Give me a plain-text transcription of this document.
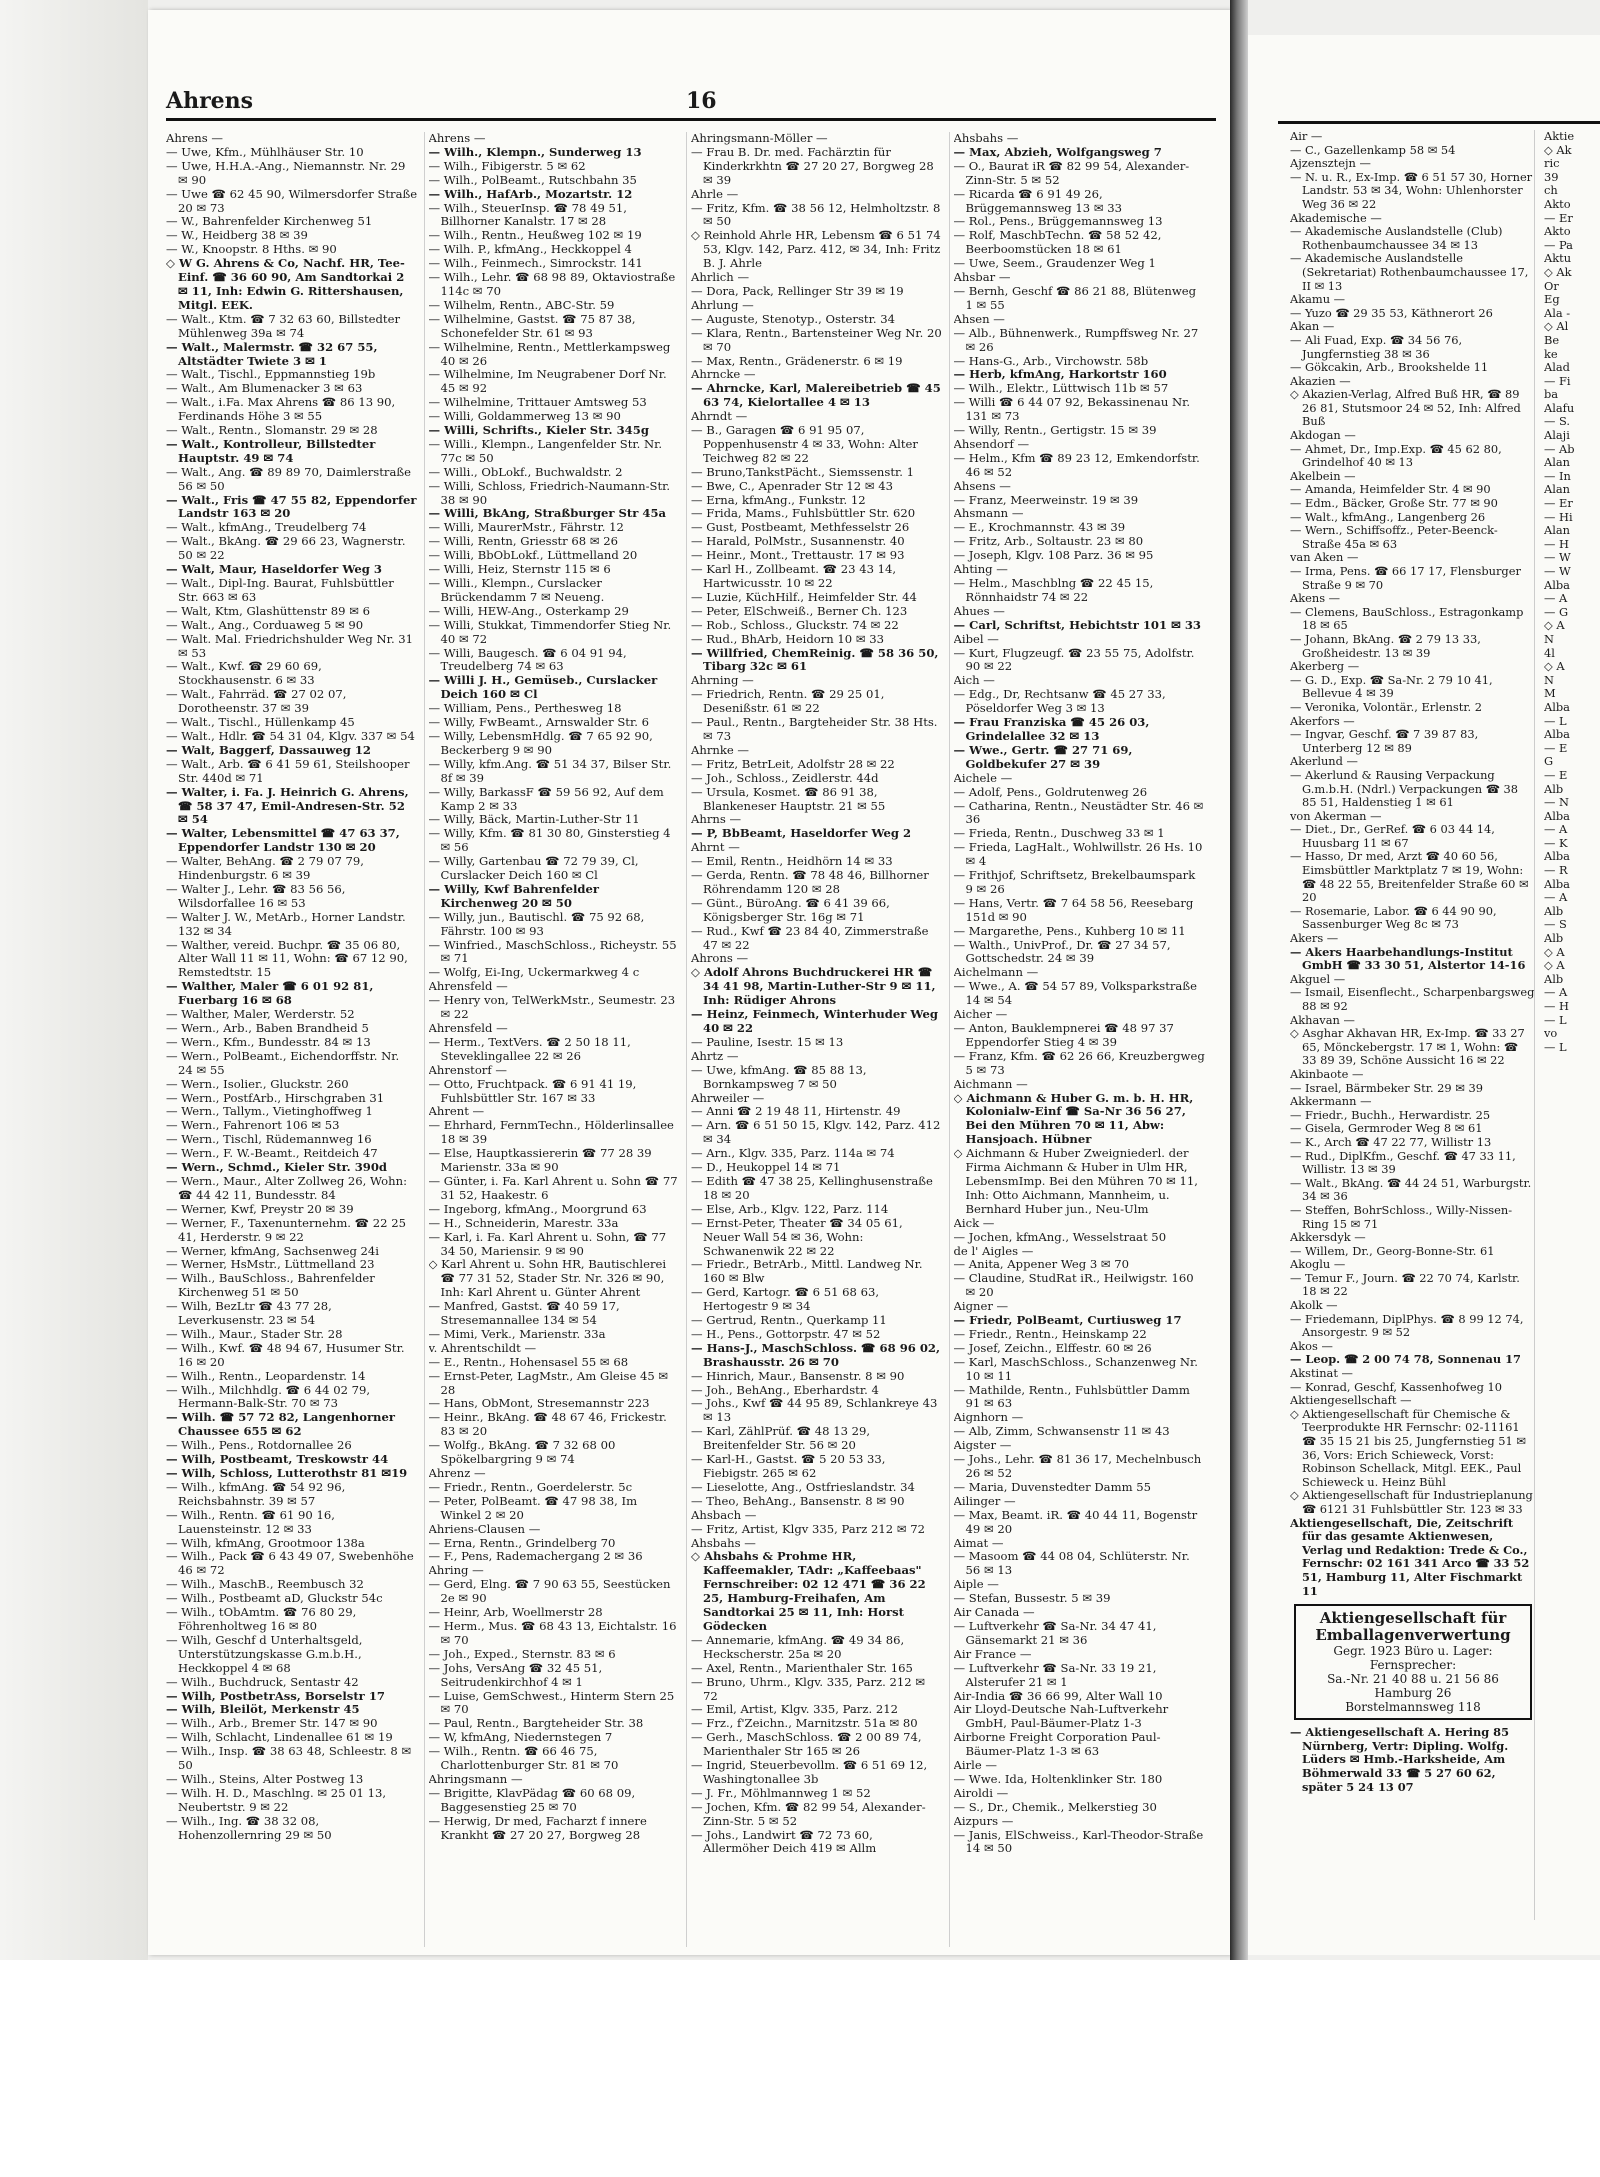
Ahrens	16

Ahrens —

— Uwe, Kfm., Mühlhäuser Str. 10

— Uwe, H.H.A.-Ang., Niemannstr. Nr. 29 ✉ 90

— Uwe ☎ 62 45 90, Wilmersdorfer Straße 20 ✉ 73

— W., Bahrenfelder Kirchenweg 51

— W., Heidberg 38 ✉ 39

— W., Knoopstr. 8 Hths. ✉ 90

◇ W G. Ahrens & Co, Nachf. HR, Tee-Einf. ☎ 36 60 90, Am Sandtorkai 2 ✉ 11, Inh: Edwin G. Rittershausen, Mitgl. EEK.

— Walt., Ktm. ☎ 7 32 63 60, Billstedter Mühlenweg 39a ✉ 74

— Walt., Malermstr. ☎ 32 67 55, Altstädter Twiete 3 ✉ 1

— Walt., Tischl., Eppmannstieg 19b

— Walt., Am Blumenacker 3 ✉ 63

— Walt., i.Fa. Max Ahrens ☎ 86 13 90, Ferdinands Höhe 3 ✉ 55

— Walt., Rentn., Slomanstr. 29 ✉ 28

— Walt., Kontrolleur, Billstedter Hauptstr. 49 ✉ 74

— Walt., Ang. ☎ 89 89 70, Daimlerstraße 56 ✉ 50

— Walt., Fris ☎ 47 55 82, Eppendorfer Landstr 163 ✉ 20

— Walt., kfmAng., Treudelberg 74

— Walt., BkAng. ☎ 29 66 23, Wagnerstr. 50 ✉ 22

— Walt, Maur, Haseldorfer Weg 3

— Walt., Dipl-Ing. Baurat, Fuhlsbüttler Str. 663 ✉ 63

— Walt, Ktm, Glashüttenstr 89 ✉ 6

— Walt., Ang., Corduaweg 5 ✉ 90

— Walt. Mal. Friedrichshulder Weg Nr. 31 ✉ 53

— Walt., Kwf. ☎ 29 60 69, Stockhausenstr. 6 ✉ 33

— Walt., Fahrräd. ☎ 27 02 07, Dorotheenstr. 37 ✉ 39

— Walt., Tischl., Hüllenkamp 45

— Walt., Hdlr. ☎ 54 31 04, Klgv. 337 ✉ 54

— Walt, Baggerf, Dassauweg 12

— Walt., Arb. ☎ 6 41 59 61, Steilshooper Str. 440d ✉ 71

— Walter, i. Fa. J. Heinrich G. Ahrens, ☎ 58 37 47, Emil-Andresen-Str. 52 ✉ 54

— Walter, Lebensmittel ☎ 47 63 37, Eppendorfer Landstr 130 ✉ 20

— Walter, BehAng. ☎ 2 79 07 79, Hindenburgstr. 6 ✉ 39

— Walter J., Lehr. ☎ 83 56 56, Wilsdorfallee 16 ✉ 53

— Walter J. W., MetArb., Horner Landstr. 132 ✉ 34

— Walther, vereid. Buchpr. ☎ 35 06 80, Alter Wall 11 ✉ 11, Wohn: ☎ 67 12 90, Remstedtstr. 15

— Walther, Maler ☎ 6 01 92 81, Fuerbarg 16 ✉ 68

— Walther, Maler, Werderstr. 52

— Wern., Arb., Baben Brandheid 5

— Wern., Kfm., Bundesstr. 84 ✉ 13

— Wern., PolBeamt., Eichendorffstr. Nr. 24 ✉ 55

— Wern., Isolier., Gluckstr. 260

— Wern., PostfArb., Hirschgraben 31

— Wern., Tallym., Vietinghoffweg 1

— Wern., Fahrenort 106 ✉ 53

— Wern., Tischl, Rüdemannweg 16

— Wern., F. W.-Beamt., Reitdeich 47

— Wern., Schmd., Kieler Str. 390d

— Wern., Maur., Alter Zollweg 26, Wohn: ☎ 44 42 11, Bundesstr. 84

— Werner, Kwf, Preystr 20 ✉ 39

— Werner, F., Taxenunternehm. ☎ 22 25 41, Herderstr. 9 ✉ 22

— Werner, kfmAng, Sachsenweg 24i

— Werner, HsMstr., Lüttmelland 23

— Wilh., BauSchloss., Bahrenfelder Kirchenweg 51 ✉ 50

— Wilh, BezLtr ☎ 43 77 28, Leverkusenstr. 23 ✉ 54

— Wilh., Maur., Stader Str. 28

— Wilh., Kwf. ☎ 48 94 67, Husumer Str. 16 ✉ 20

— Wilh., Rentn., Leopardenstr. 14

— Wilh., Milchhdlg. ☎ 6 44 02 79, Hermann-Balk-Str. 70 ✉ 73

— Wilh. ☎ 57 72 82, Langenhorner Chaussee 655 ✉ 62

— Wilh., Pens., Rotdornallee 26

— Wilh, Postbeamt, Treskowstr 44

— Wilh, Schloss, Lutterothstr 81 ✉19

— Wilh., kfmAng. ☎ 54 92 96, Reichsbahnstr. 39 ✉ 57

— Wilh., Rentn. ☎ 61 90 16, Lauensteinstr. 12 ✉ 33

— Wilh, kfmAng, Grootmoor 138a

— Wilh., Pack ☎ 6 43 49 07, Swebenhöhe 46 ✉ 72

— Wilh., MaschB., Reembusch 32

— Wilh., Postbeamt aD, Gluckstr 54c

— Wilh., tObAmtm. ☎ 76 80 29, Föhrenholtweg 16 ✉ 80

— Wilh, Geschf d Unterhaltsgeld, Unterstützungskasse G.m.b.H., Heckkoppel 4 ✉ 68

— Wilh., Buchdruck, Sentastr 42

— Wilh, PostbetrAss, Borselstr 17

— Wilh, Bleilöt, Merkenstr 45

— Wilh., Arb., Bremer Str. 147 ✉ 90

— Wilh, Schlacht, Lindenallee 61 ✉ 19

— Wilh., Insp. ☎ 38 63 48, Schleestr. 8 ✉ 50

— Wilh., Steins, Alter Postweg 13

— Wilh. H. D., Maschlng. ✉ 25 01 13, Neubertstr. 9 ✉ 22

— Wilh., Ing. ☎ 38 32 08, Hohenzollernring 29 ✉ 50

Ahrens —

— Wilh., Klempn., Sunderweg 13

— Wilh., Fibigerstr. 5 ✉ 62

— Wilh., PolBeamt., Rutschbahn 35

— Wilh., HafArb., Mozartstr. 12

— Wilh., SteuerInsp. ☎ 78 49 51, Billhorner Kanalstr. 17 ✉ 28

— Wilh., Rentn., Heußweg 102 ✉ 19

— Wilh. P., kfmAng., Heckkoppel 4

— Wilh., Feinmech., Simrockstr. 141

— Wilh., Lehr. ☎ 68 98 89, Oktaviostraße 114c ✉ 70

— Wilhelm, Rentn., ABC-Str. 59

— Wilhelmine, Gastst. ☎ 75 87 38, Schonefelder Str. 61 ✉ 93

— Wilhelmine, Rentn., Mettlerkampsweg 40 ✉ 26

— Wilhelmine, Im Neugrabener Dorf Nr. 45 ✉ 92

— Wilhelmine, Trittauer Amtsweg 53

— Willi, Goldammerweg 13 ✉ 90

— Willi, Schrifts., Kieler Str. 345g

— Willi., Klempn., Langenfelder Str. Nr. 77c ✉ 50

— Willi., ObLokf., Buchwaldstr. 2

— Willi, Schloss, Friedrich-Naumann-Str. 38 ✉ 90

— Willi, BkAng, Straßburger Str 45a

— Willi, MaurerMstr., Fährstr. 12

— Willi, Rentn, Griesstr 68 ✉ 26

— Willi, BbObLokf., Lüttmelland 20

— Willi, Heiz, Sternstr 115 ✉ 6

— Willi., Klempn., Curslacker Brückendamm 7 ✉ Neueng.

— Willi, HEW-Ang., Osterkamp 29

— Willi, Stukkat, Timmendorfer Stieg Nr. 40 ✉ 72

— Willi, Baugesch. ☎ 6 04 91 94, Treudelberg 74 ✉ 63

— Willi J. H., Gemüseb., Curslacker Deich 160 ✉ Cl

— William, Pens., Perthesweg 18

— Willy, FwBeamt., Arnswalder Str. 6

— Willy, LebensmHdlg. ☎ 7 65 92 90, Beckerberg 9 ✉ 90

— Willy, kfm.Ang. ☎ 51 34 37, Bilser Str. 8f ✉ 39

— Willy, BarkassF ☎ 59 56 92, Auf dem Kamp 2 ✉ 33

— Willy, Bäck, Martin-Luther-Str 11

— Willy, Kfm. ☎ 81 30 80, Ginsterstieg 4 ✉ 56

— Willy, Gartenbau ☎ 72 79 39, Cl, Curslacker Deich 160 ✉ Cl

— Willy, Kwf Bahrenfelder Kirchenweg 20 ✉ 50

— Willy, jun., Bautischl. ☎ 75 92 68, Fährstr. 100 ✉ 93

— Winfried., MaschSchloss., Richeystr. 55 ✉ 71

— Wolfg, Ei-Ing, Uckermarkweg 4 c

Ahrensfeld —

— Henry von, TelWerkMstr., Seumestr. 23 ✉ 22

Ahrensfeld —

— Herm., TextVers. ☎ 2 50 18 11, Steveklingallee 22 ✉ 26

Ahrenstorf —

— Otto, Fruchtpack. ☎ 6 91 41 19, Fuhlsbüttler Str. 167 ✉ 33

Ahrent —

— Ehrhard, FernmTechn., Hölderlinsallee 18 ✉ 39

— Else, Hauptkassiererin ☎ 77 28 39 Marienstr. 33a ✉ 90

— Günter, i. Fa. Karl Ahrent u. Sohn ☎ 77 31 52, Haakestr. 6

— Ingeborg, kfmAng., Moorgrund 63

— H., Schneiderin, Marestr. 33a

— Karl, i. Fa. Karl Ahrent u. Sohn, ☎ 77 34 50, Mariensir. 9 ✉ 90

◇ Karl Ahrent u. Sohn HR, Bautischlerei ☎ 77 31 52, Stader Str. Nr. 326 ✉ 90, Inh: Karl Ahrent u. Günter Ahrent

— Manfred, Gastst. ☎ 40 59 17, Stresemannallee 134 ✉ 54

— Mimi, Verk., Marienstr. 33a

v. Ahrentschildt —

— E., Rentn., Hohensasel 55 ✉ 68

— Ernst-Peter, LagMstr., Am Gleise 45 ✉ 28

— Hans, ObMont, Stresemannstr 223

— Heinr., BkAng. ☎ 48 67 46, Frickestr. 83 ✉ 20

— Wolfg., BkAng. ☎ 7 32 68 00 Spökelbargring 9 ✉ 74

Ahrenz —

— Friedr., Rentn., Goerdelerstr. 5c

— Peter, PolBeamt. ☎ 47 98 38, Im Winkel 2 ✉ 20

Ahriens-Clausen —

— Erna, Rentn., Grindelberg 70

— F., Pens, Rademachergang 2 ✉ 36

Ahring —

— Gerd, Elng. ☎ 7 90 63 55, Seestücken 2e ✉ 90

— Heinr, Arb, Woellmerstr 28

— Herm., Mus. ☎ 68 43 13, Eichtalstr. 16 ✉ 70

— Joh., Exped., Sternstr. 83 ✉ 6

— Johs, VersAng ☎ 32 45 51, Seitrudenkirchhof 4 ✉ 1

— Luise, GemSchwest., Hinterm Stern 25 ✉ 70

— Paul, Rentn., Bargteheider Str. 38

— W, kfmAng, Niedernstegen 7

— Wilh., Rentn. ☎ 66 46 75, Charlottenburger Str. 81 ✉ 70

Ahringsmann —

— Brigitte, KlavPädag ☎ 60 68 09, Baggesenstieg 25 ✉ 70

— Herwig, Dr med, Facharzt f innere Krankht ☎ 27 20 27, Borgweg 28

Ahringsmann-Möller —

— Frau B. Dr. med. Fachärztin für Kinderkrkhtn ☎ 27 20 27, Borgweg 28 ✉ 39

Ahrle —

— Fritz, Kfm. ☎ 38 56 12, Helmholtzstr. 8 ✉ 50

◇ Reinhold Ahrle HR, Lebensm ☎ 6 51 74 53, Klgv. 142, Parz. 412, ✉ 34, Inh: Fritz B. J. Ahrle

Ahrlich —

— Dora, Pack, Rellinger Str 39 ✉ 19

Ahrlung —

— Auguste, Stenotyp., Osterstr. 34

— Klara, Rentn., Bartensteiner Weg Nr. 20 ✉ 70

— Max, Rentn., Grädenerstr. 6 ✉ 19

Ahrncke —

— Ahrncke, Karl, Malereibetrieb ☎ 45 63 74, Kielortallee 4 ✉ 13

Ahrndt —

— B., Garagen ☎ 6 91 95 07, Poppenhusenstr 4 ✉ 33, Wohn: Alter Teichweg 82 ✉ 22

— Bruno,TankstPächt., Siemssenstr. 1

— Bwe, C., Apenrader Str 12 ✉ 43

— Erna, kfmAng., Funkstr. 12

— Frida, Mams., Fuhlsbüttler Str. 620

— Gust, Postbeamt, Methfesselstr 26

— Harald, PolMstr., Susannenstr. 40

— Heinr., Mont., Trettaustr. 17 ✉ 93

— Karl H., Zollbeamt. ☎ 23 43 14, Hartwicusstr. 10 ✉ 22

— Luzie, KüchHilf., Heimfelder Str. 44

— Peter, ElSchweiß., Berner Ch. 123

— Rob., Schloss., Gluckstr. 74 ✉ 22

— Rud., BhArb, Heidorn 10 ✉ 33

— Willfried, ChemReinig. ☎ 58 36 50, Tibarg 32c ✉ 61

Ahrning —

— Friedrich, Rentn. ☎ 29 25 01, Desenißstr. 61 ✉ 22

— Paul., Rentn., Bargteheider Str. 38 Hts. ✉ 73

Ahrnke —

— Fritz, BetrLeit, Adolfstr 28 ✉ 22

— Joh., Schloss., Zeidlerstr. 44d

— Ursula, Kosmet. ☎ 86 91 38, Blankeneser Hauptstr. 21 ✉ 55

Ahrns —

— P, BbBeamt, Haseldorfer Weg 2

Ahrnt —

— Emil, Rentn., Heidhörn 14 ✉ 33

— Gerda, Rentn. ☎ 78 48 46, Billhorner Röhrendamm 120 ✉ 28

— Günt., BüroAng. ☎ 6 41 39 66, Königsberger Str. 16g ✉ 71

— Rud., Kwf ☎ 23 84 40, Zimmerstraße 47 ✉ 22

Ahrons —

◇ Adolf Ahrons Buchdruckerei HR ☎ 34 41 98, Martin-Luther-Str 9 ✉ 11, Inh: Rüdiger Ahrons

— Heinz, Feinmech, Winterhuder Weg 40 ✉ 22

— Pauline, Isestr. 15 ✉ 13

Ahrtz —

— Uwe, kfmAng. ☎ 85 88 13, Bornkampsweg 7 ✉ 50

Ahrweiler —

— Anni ☎ 2 19 48 11, Hirtenstr. 49

— Arn. ☎ 6 51 50 15, Klgv. 142, Parz. 412 ✉ 34

— Arn., Klgv. 335, Parz. 114a ✉ 74

— D., Heukoppel 14 ✉ 71

— Edith ☎ 47 38 25, Kellinghusenstraße 18 ✉ 20

— Else, Arb., Klgv. 122, Parz. 114

— Ernst-Peter, Theater ☎ 34 05 61, Neuer Wall 54 ✉ 36, Wohn: Schwanenwik 22 ✉ 22

— Friedr., BetrArb., Mittl. Landweg Nr. 160 ✉ Blw

— Gerd, Kartogr. ☎ 6 51 68 63, Hertogestr 9 ✉ 34

— Gertrud, Rentn., Querkamp 11

— H., Pens., Gottorpstr. 47 ✉ 52

— Hans-J., MaschSchloss. ☎ 68 96 02, Brashausstr. 26 ✉ 70

— Hinrich, Maur., Bansenstr. 8 ✉ 90

— Joh., BehAng., Eberhardstr. 4

— Johs., Kwf ☎ 44 95 89, Schlankreye 43 ✉ 13

— Karl, ZählPrüf. ☎ 48 13 29, Breitenfelder Str. 56 ✉ 20

— Karl-H., Gastst. ☎ 5 20 53 33, Fiebigstr. 265 ✉ 62

— Lieselotte, Ang., Ostfrieslandstr. 34

— Theo, BehAng., Bansenstr. 8 ✉ 90

Ahsbach —

— Fritz, Artist, Klgv 335, Parz 212 ✉ 72

Ahsbahs —

◇ Ahsbahs & Prohme HR, Kaffeemakler, TAdr: „Kaffeebaas" Fernschreiber: 02 12 471 ☎ 36 22 25, Hamburg-Freihafen, Am Sandtorkai 25 ✉ 11, Inh: Horst Gödecken

— Annemarie, kfmAng. ☎ 49 34 86, Heckscherstr. 25a ✉ 20

— Axel, Rentn., Marienthaler Str. 165

— Bruno, Uhrm., Klgv. 335, Parz. 212 ✉ 72

— Emil, Artist, Klgv. 335, Parz. 212

— Frz., f'Zeichn., Marnitzstr. 51a ✉ 80

— Gerh., MaschSchloss. ☎ 2 00 89 74, Marienthaler Str 165 ✉ 26

— Ingrid, Steuerbevollm. ☎ 6 51 69 12, Washingtonallee 3b

— J. Fr., Möhlmannweg 1 ✉ 52

— Jochen, Kfm. ☎ 82 99 54, Alexander-Zinn-Str. 5 ✉ 52

— Johs., Landwirt ☎ 72 73 60, Allermöher Deich 419 ✉ Allm

Ahsbahs —

— Max, Abzieh, Wolfgangsweg 7

— O., Baurat iR ☎ 82 99 54, Alexander-Zinn-Str. 5 ✉ 52

— Ricarda ☎ 6 91 49 26, Brüggemannsweg 13 ✉ 33

— Rol., Pens., Brüggemannsweg 13

— Rolf, MaschbTechn. ☎ 58 52 42, Beerboomstücken 18 ✉ 61

— Uwe, Seem., Graudenzer Weg 1

Ahsbar —

— Bernh, Geschf ☎ 86 21 88, Blütenweg 1 ✉ 55

Ahsen —

— Alb., Bühnenwerk., Rumpffsweg Nr. 27 ✉ 26

— Hans-G., Arb., Virchowstr. 58b

— Herb, kfmAng, Harkortstr 160

— Wilh., Elektr., Lüttwisch 11b ✉ 57

— Willi ☎ 6 44 07 92, Bekassinenau Nr. 131 ✉ 73

— Willy, Rentn., Gertigstr. 15 ✉ 39

Ahsendorf —

— Helm., Kfm ☎ 89 23 12, Emkendorfstr. 46 ✉ 52

Ahsens —

— Franz, Meerweinstr. 19 ✉ 39

Ahsmann —

— E., Krochmannstr. 43 ✉ 39

— Fritz, Arb., Soltaustr. 23 ✉ 80

— Joseph, Klgv. 108 Parz. 36 ✉ 95

Ahting —

— Helm., Maschblng ☎ 22 45 15, Rönnhaidstr 74 ✉ 22

Ahues —

— Carl, Schriftst, Hebichtstr 101 ✉ 33

Aibel —

— Kurt, Flugzeugf. ☎ 23 55 75, Adolfstr. 90 ✉ 22

Aich —

— Edg., Dr, Rechtsanw ☎ 45 27 33, Pöseldorfer Weg 3 ✉ 13

— Frau Franziska ☎ 45 26 03, Grindelallee 32 ✉ 13

— Wwe., Gertr. ☎ 27 71 69, Goldbekufer 27 ✉ 39

Aichele —

— Adolf, Pens., Goldrutenweg 26

— Catharina, Rentn., Neustädter Str. 46 ✉ 36

— Frieda, Rentn., Duschweg 33 ✉ 1

— Frieda, LagHalt., Wohlwillstr. 26 Hs. 10 ✉ 4

— Frithjof, Schriftsetz, Brekelbaumspark 9 ✉ 26

— Hans, Vertr. ☎ 7 64 58 56, Reesebarg 151d ✉ 90

— Margarethe, Pens., Kuhberg 10 ✉ 11

— Walth., UnivProf., Dr. ☎ 27 34 57, Gottschedstr. 24 ✉ 39

Aichelmann —

— Wwe., A. ☎ 54 57 89, Volksparkstraße 14 ✉ 54

Aicher —

— Anton, Bauklempnerei ☎ 48 97 37 Eppendorfer Stieg 4 ✉ 39

— Franz, Kfm. ☎ 62 26 66, Kreuzbergweg 5 ✉ 73

Aichmann —

◇ Aichmann & Huber G. m. b. H. HR, Kolonialw-Einf ☎ Sa-Nr 36 56 27, Bei den Mühren 70 ✉ 11, Abw: Hansjoach. Hübner

◇ Aichmann & Huber Zweigniederl. der Firma Aichmann & Huber in Ulm HR, LebensmImp. Bei den Mühren 70 ✉ 11, Inh: Otto Aichmann, Mannheim, u. Bernhard Huber jun., Neu-Ulm

Aick —

— Jochen, kfmAng., Wesselstraat 50

de l' Aigles —

— Anita, Appener Weg 3 ✉ 70

— Claudine, StudRat iR., Heilwigstr. 160 ✉ 20

Aigner —

— Friedr, PolBeamt, Curtiusweg 17

— Friedr., Rentn., Heinskamp 22

— Josef, Zeichn., Elffestr. 60 ✉ 26

— Karl, MaschSchloss., Schanzenweg Nr. 10 ✉ 11

— Mathilde, Rentn., Fuhlsbüttler Damm 91 ✉ 63

Aignhorn —

— Alb, Zimm, Schwansenstr 11 ✉ 43

Aigster —

— Johs., Lehr. ☎ 81 36 17, Mechelnbusch 26 ✉ 52

— Maria, Duvenstedter Damm 55

Ailinger —

— Max, Beamt. iR. ☎ 40 44 11, Bogenstr 49 ✉ 20

Aimat —

— Masoom ☎ 44 08 04, Schlüterstr. Nr. 56 ✉ 13

Aiple —

— Stefan, Bussestr. 5 ✉ 39

Air Canada —

— Luftverkehr ☎ Sa-Nr. 34 47 41, Gänsemarkt 21 ✉ 36

Air France —

— Luftverkehr ☎ Sa-Nr. 33 19 21, Alsterufer 21 ✉ 1

Air-India ☎ 36 66 99, Alter Wall 10

Air Lloyd-Deutsche Nah-Luftverkehr GmbH, Paul-Bäumer-Platz 1-3

Airborne Freight Corporation Paul-Bäumer-Platz 1-3 ✉ 63

Airle —

— Wwe. Ida, Holtenklinker Str. 180

Airoldi —

— S., Dr., Chemik., Melkerstieg 30

Aizpurs —

— Janis, ElSchweiss., Karl-Theodor-Straße 14 ✉ 50

Air —

— C., Gazellenkamp 58 ✉ 54

Ajzensztejn —

— N. u. R., Ex-Imp. ☎ 6 51 57 30, Horner Landstr. 53 ✉ 34, Wohn: Uhlenhorster Weg 36 ✉ 22

Akademische —

— Akademische Auslandstelle (Club) Rothenbaumchaussee 34 ✉ 13

— Akademische Auslandstelle (Sekretariat) Rothenbaumchaussee 17, II ✉ 13

Akamu —

— Yuzo ☎ 29 35 53, Käthnerort 26

Akan —

— Ali Fuad, Exp. ☎ 34 56 76, Jungfernstieg 38 ✉ 36

— Gökcakin, Arb., Brookshelde 11

Akazien —

◇ Akazien-Verlag, Alfred Buß HR, ☎ 89 26 81, Stutsmoor 24 ✉ 52, Inh: Alfred Buß

Akdogan —

— Ahmet, Dr., Imp.Exp. ☎ 45 62 80, Grindelhof 40 ✉ 13

Akelbein —

— Amanda, Heimfelder Str. 4 ✉ 90

— Edm., Bäcker, Große Str. 77 ✉ 90

— Walt., kfmAng., Langenberg 26

— Wern., Schiffsoffz., Peter-Beenck-Straße 45a ✉ 63

van Aken —

— Irma, Pens. ☎ 66 17 17, Flensburger Straße 9 ✉ 70

Akens —

— Clemens, BauSchloss., Estragonkamp 18 ✉ 65

— Johann, BkAng. ☎ 2 79 13 33, Großheidestr. 13 ✉ 39

Akerberg —

— G. D., Exp. ☎ Sa-Nr. 2 79 10 41, Bellevue 4 ✉ 39

— Veronika, Volontär., Erlenstr. 2

Akerfors —

— Ingvar, Geschf. ☎ 7 39 87 83, Unterberg 12 ✉ 89

Akerlund —

— Akerlund & Rausing Verpackung G.m.b.H. (Ndrl.) Verpackungen ☎ 38 85 51, Haldenstieg 1 ✉ 61

von Akerman —

— Diet., Dr., GerRef. ☎ 6 03 44 14, Huusbarg 11 ✉ 67

— Hasso, Dr med, Arzt ☎ 40 60 56, Eimsbüttler Marktplatz 7 ✉ 19, Wohn: ☎ 48 22 55, Breitenfelder Straße 60 ✉ 20

— Rosemarie, Labor. ☎ 6 44 90 90, Sassenburger Weg 8c ✉ 73

Akers —

— Akers Haarbehandlungs-Institut GmbH ☎ 33 30 51, Alstertor 14-16

Akguel —

— Ismail, Eisenflecht., Scharpenbargsweg 88 ✉ 92

Akhavan —

◇ Asghar Akhavan HR, Ex-Imp. ☎ 33 27 65, Mönckebergstr. 17 ✉ 1, Wohn: ☎ 33 89 39, Schöne Aussicht 16 ✉ 22

Akinbaote —

— Israel, Bärmbeker Str. 29 ✉ 39

Akkermann —

— Friedr., Buchh., Herwardistr. 25

— Gisela, Germroder Weg 8 ✉ 61

— K., Arch ☎ 47 22 77, Willistr 13

— Rud., DiplKfm., Geschf. ☎ 47 33 11, Willistr. 13 ✉ 39

— Walt., BkAng. ☎ 44 24 51, Warburgstr. 34 ✉ 36

— Steffen, BohrSchloss., Willy-Nissen-Ring 15 ✉ 71

Akkersdyk —

— Willem, Dr., Georg-Bonne-Str. 61

Akoglu —

— Temur F., Journ. ☎ 22 70 74, Karlstr. 18 ✉ 22

Akolk —

— Friedemann, DiplPhys. ☎ 8 99 12 74, Ansorgestr. 9 ✉ 52

Akos —

— Leop. ☎ 2 00 74 78, Sonnenau 17

Akstinat —

— Konrad, Geschf, Kassenhofweg 10

Aktiengesellschaft —

◇ Aktiengesellschaft für Chemische & Teerprodukte HR Fernschr: 02-11161 ☎ 35 15 21 bis 25, Jungfernstieg 51 ✉ 36, Vors: Erich Schieweck, Vorst: Robinson Schellack, Mitgl. EEK., Paul Schieweck u. Heinz Bühl

◇ Aktiengesellschaft für Industrieplanung ☎ 6121 31 Fuhlsbüttler Str. 123 ✉ 33

Aktiengesellschaft, Die, Zeitschrift für das gesamte Aktienwesen, Verlag und Redaktion: Trede & Co., Fernschr: 02 161 341 Arco ☎ 33 52 51, Hamburg 11, Alter Fischmarkt 11

Aktiengesellschaft für
Emballagenverwertung
Gegr. 1923 Büro u. Lager:
Fernsprecher:
Sa.-Nr. 21 40 88 u. 21 56 86
Hamburg 26
Borstelmannsweg 118

— Aktiengesellschaft A. Hering 85 Nürnberg, Vertr: Dipling. Wolfg. Lüders ✉ Hmb.-Harksheide, Am Böhmerwald 33 ☎ 5 27 60 62, später 5 24 13 07

Aktie

◇ Ak

ric

39

ch

Akto

— Er

Akto

— Pa

Aktu

◇ Ak

Or

Eg

Ala -

◇ Al

Be

ke

Alad

— Fi

ba

Alafu

— S.

Alaji

— Ab

Alan

— In

Alan

— Er

— Hi

Alan

— H

— W

— W

Alba

— A

— G

◇ A

N

4l

◇ A

N

M

Alba

— L

Alba

— E

G

— E

Alb

— N

Alba

— A

— K

Alba

— R

Alba

— A

Alb

— S

Alb

◇ A

◇ A

Alb

— A

— H

— L

vo

— L
